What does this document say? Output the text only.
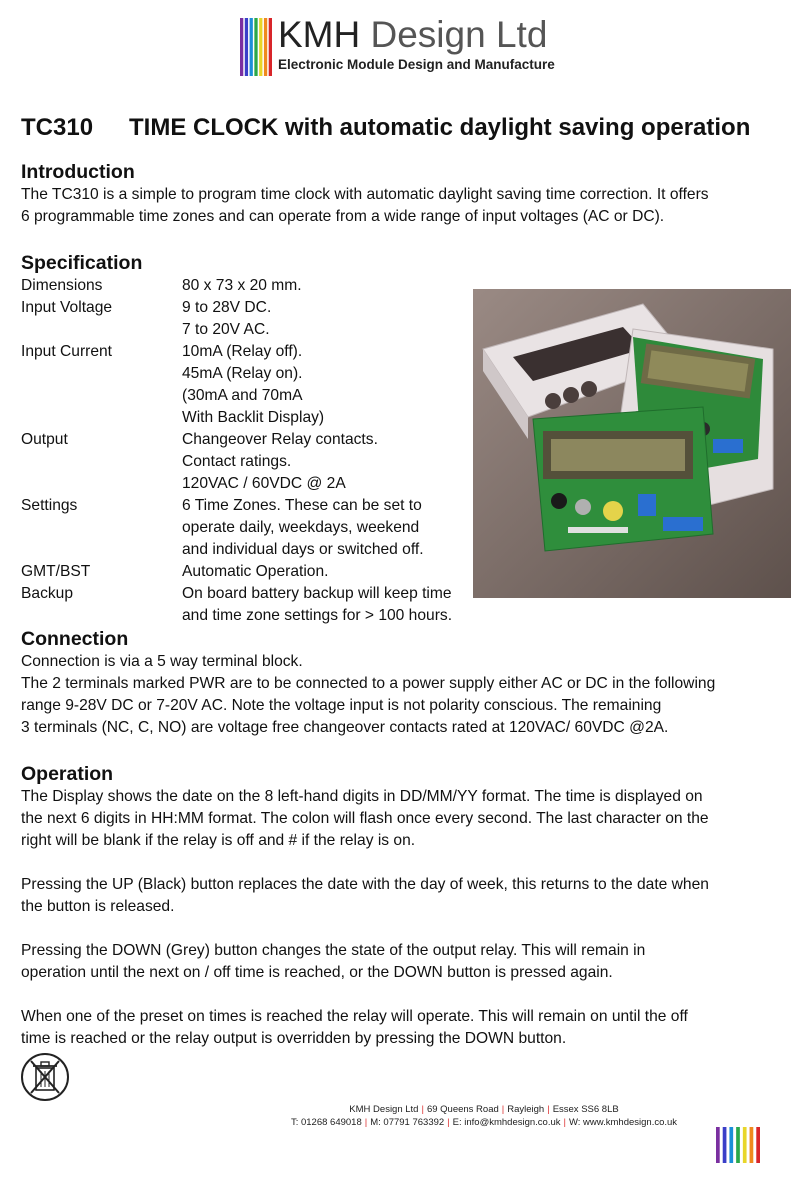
KMH Design Ltd
Electronic Module Design and Manufacture
TC310 TIME CLOCK with automatic daylight saving operation
Introduction
The TC310 is a simple to program time clock with automatic daylight saving time correction. It offers
6 programmable time zones and can operate from a wide range of input voltages (AC or DC).
Specification
Dimensions	80 x 73 x 20 mm.
Input Voltage	9 to 28V DC.
7 to 20V AC.
Input Current	10mA (Relay off).
45mA (Relay on).
(30mA and 70mA
With Backlit Display)
Output	Changeover Relay contacts.
Contact ratings.
120VAC / 60VDC @ 2A
Settings	6 Time Zones. These can be set to
operate daily, weekdays, weekend
and individual days or switched off.
GMT/BST	Automatic Operation.
Backup	On board battery backup will keep time
and time zone settings for > 100 hours.
Connection
Connection is via a 5 way terminal block.
The 2 terminals marked PWR are to be connected to a power supply either AC or DC in the following
range 9-28V DC or 7-20V AC. Note the voltage input is not polarity conscious. The remaining
3 terminals (NC, C, NO) are voltage free changeover contacts rated at 120VAC/ 60VDC @2A.
Operation
The Display shows the date on the 8 left-hand digits in DD/MM/YY format. The time is displayed on
the next 6 digits in HH:MM format. The colon will flash once every second. The last character on the
right will be blank if the relay is off and # if the relay is on.
Pressing the UP (Black) button replaces the date with the day of week, this returns to the date when
the button is released.
Pressing the DOWN (Grey) button changes the state of the output relay. This will remain in
operation until the next on / off time is reached, or the DOWN button is pressed again.
When one of the preset on times is reached the relay will operate. This will remain on until the off
time is reached or the relay output is overridden by pressing the DOWN button.
KMH Design Ltd | 69 Queens Road | Rayleigh | Essex SS6 8LB
T: 01268 649018 | M: 07791 763392 | E: info@kmhdesign.co.uk | W: www.kmhdesign.co.uk
